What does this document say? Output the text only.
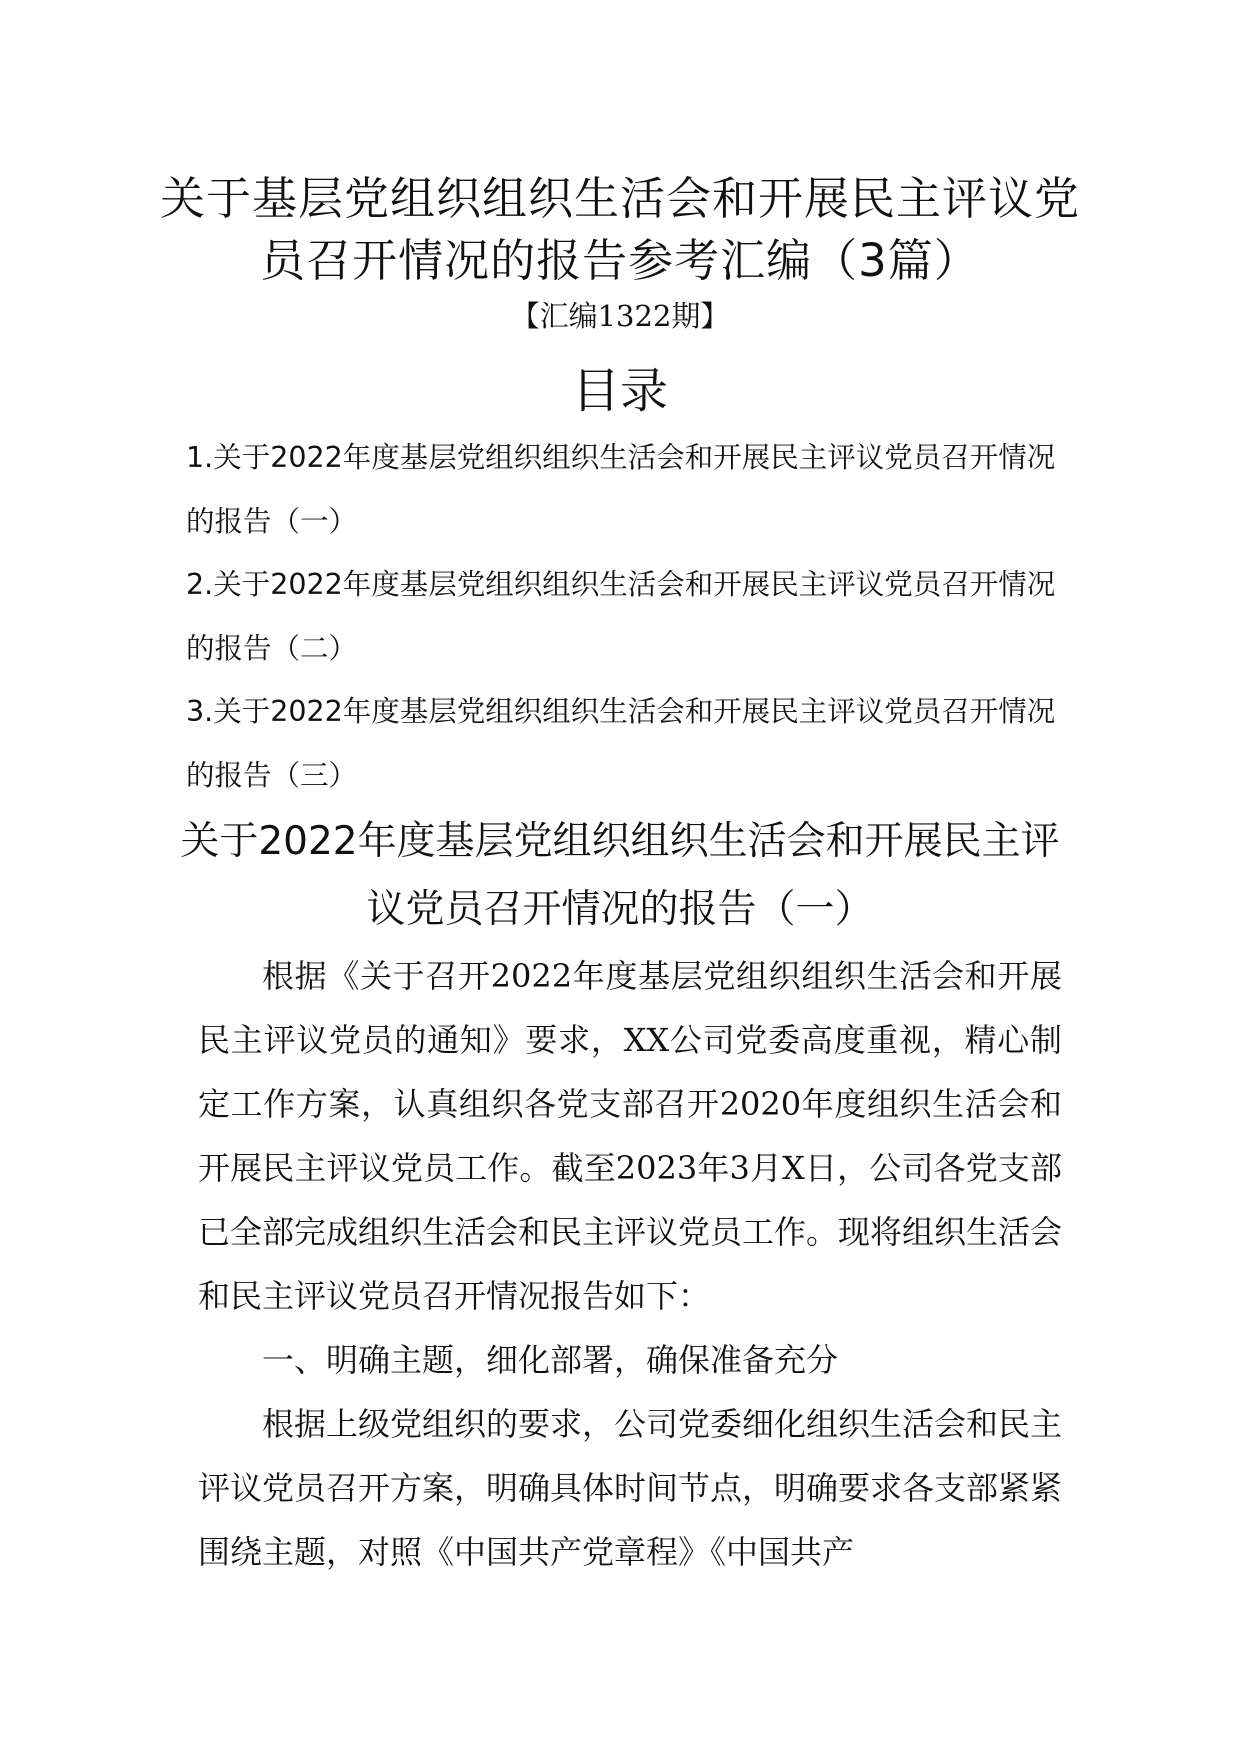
关于基层党组织组织生活会和开展民主评议党员召开情况的报告参考汇编（3篇）
【汇编1322期】
目录
1.关于2022年度基层党组织组织生活会和开展民主评议党员召开情况的报告（一）
2.关于2022年度基层党组织组织生活会和开展民主评议党员召开情况的报告（二）
3.关于2022年度基层党组织组织生活会和开展民主评议党员召开情况的报告（三）
关于2022年度基层党组织组织生活会和开展民主评议党员召开情况的报告（一）

根据《关于召开2022年度基层党组织组织生活会和开展民主评议党员的通知》要求，XX公司党委高度重视，精心制定工作方案，认真组织各党支部召开2020年度组织生活会和开展民主评议党员工作。截至2023年3月X日，公司各党支部已全部完成组织生活会和民主评议党员工作。现将组织生活会和民主评议党员召开情况报告如下：

一、明确主题，细化部署，确保准备充分

根据上级党组织的要求，公司党委细化组织生活会和民主评议党员召开方案，明确具体时间节点，明确要求各支部紧紧围绕主题，对照《中国共产党章程》《中国共产
